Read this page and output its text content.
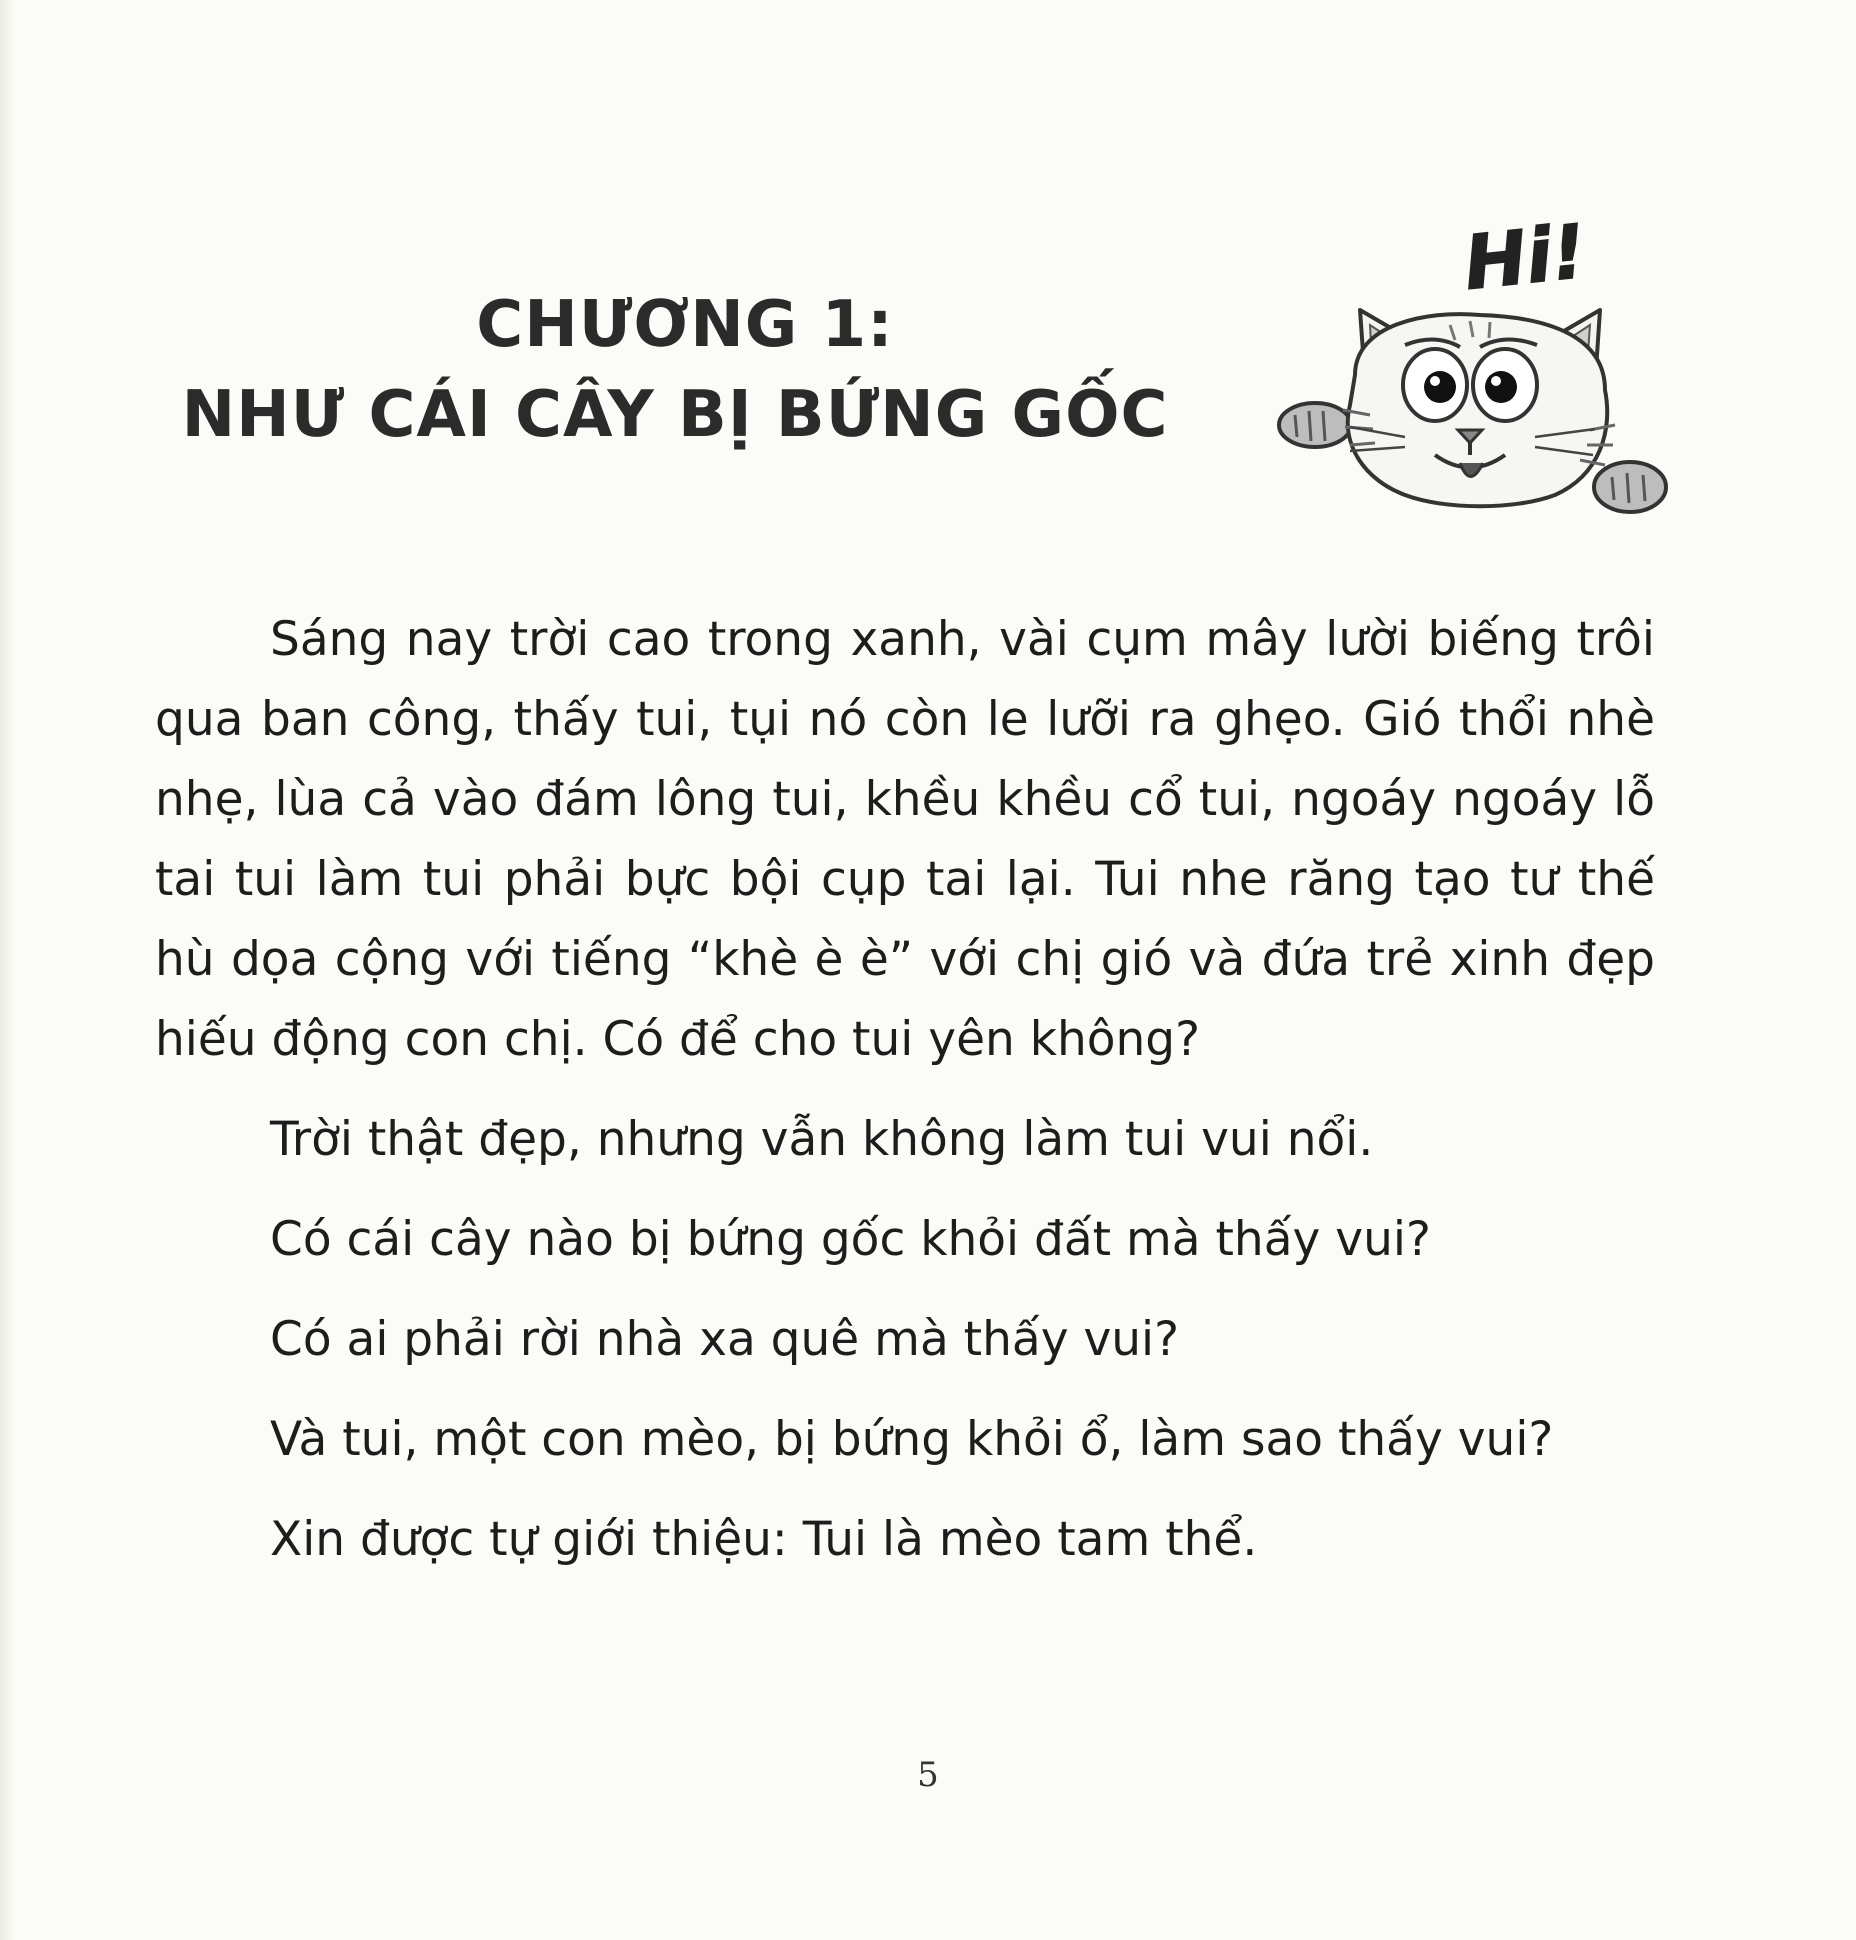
CHƯƠNG 1:
NHƯ CÁI CÂY BỊ BỨNG GỐC
Hi!

Sáng nay trời cao trong xanh, vài cụm mây lười biếng trôi qua ban công, thấy tui, tụi nó còn le lưỡi ra ghẹo. Gió thổi nhè nhẹ, lùa cả vào đám lông tui, khều khều cổ tui, ngoáy ngoáy lỗ tai tui làm tui phải bực bội cụp tai lại. Tui nhe răng tạo tư thế hù dọa cộng với tiếng “khè è è” với chị gió và đứa trẻ xinh đẹp hiếu động con chị. Có để cho tui yên không?

Trời thật đẹp, nhưng vẫn không làm tui vui nổi.

Có cái cây nào bị bứng gốc khỏi đất mà thấy vui?

Có ai phải rời nhà xa quê mà thấy vui?

Và tui, một con mèo, bị bứng khỏi ổ, làm sao thấy vui?

Xin được tự giới thiệu: Tui là mèo tam thể.

5
